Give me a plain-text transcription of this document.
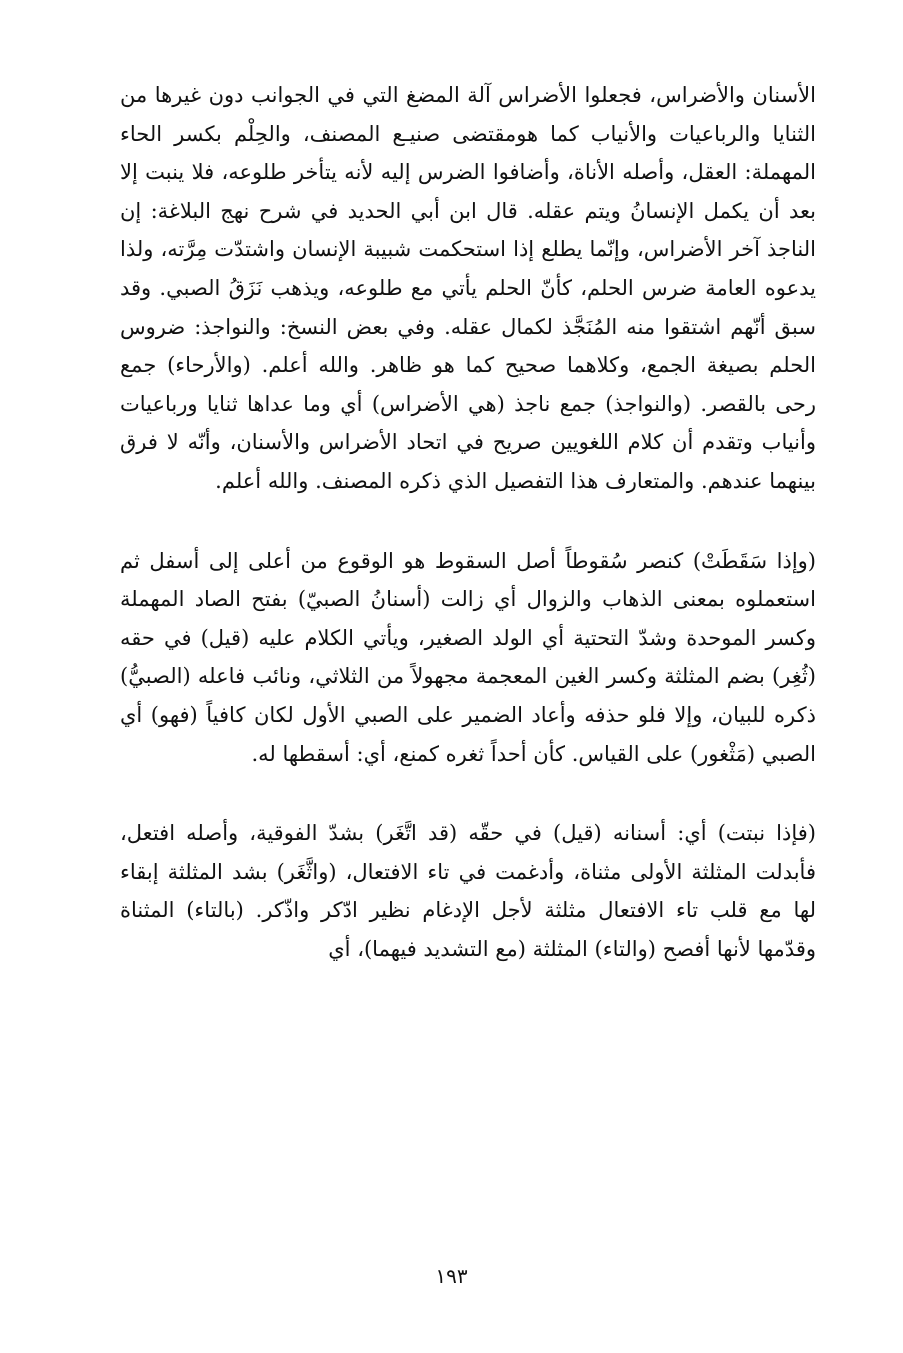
الأسنان والأضراس، فجعلوا الأضراس آلة المضغ التي في الجوانب دون غيرها من الثنايا والرباعيات والأنياب كما هومقتضى صنيـع المصنف، والحِلْم بكسر الحاء المهملة: العقل، وأصله الأناة، وأضافوا الضرس إليه لأنه يتأخر طلوعه، فلا ينبت إلا بعد أن يكمل الإنسانُ ويتم عقله. قال ابن أبي الحديد في شرح نهج البلاغة: إن الناجذ آخر الأضراس، وإنّما يطلع إذا استحكمت شبيبة الإنسان واشتدّت مِرَّته، ولذا يدعوه العامة ضرس الحلم، كأنّ الحلم يأتي مع طلوعه، ويذهب نَزَقُ الصبي. وقد سبق أنّهم اشتقوا منه المُنَجَّذ لكمال عقله. وفي بعض النسخ: والنواجذ: ضروس الحلم بصيغة الجمع، وكلاهما صحيح كما هو ظاهر. والله أعلم. (والأرحاء) جمع رحى بالقصر. (والنواجذ) جمع ناجذ (هي الأضراس) أي وما عداها ثنايا ورباعيات وأنياب وتقدم أن كلام اللغويين صريح في اتحاد الأضراس والأسنان، وأنّه لا فرق بينهما عندهم. والمتعارف هذا التفصيل الذي ذكره المصنف. والله أعلم.

(وإذا سَقَطَتْ) كنصر سُقوطاً أصل السقوط هو الوقوع من أعلى إلى أسفل ثم استعملوه بمعنى الذهاب والزوال أي زالت (أسنانُ الصبيّ) بفتح الصاد المهملة وكسر الموحدة وشدّ التحتية أي الولد الصغير، ويأتي الكلام عليه (قيل) في حقه (ثُغِر) بضم المثلثة وكسر الغين المعجمة مجهولاً من الثلاثي، ونائب فاعله (الصبيُّ) ذكره للبيان، وإلا فلو حذفه وأعاد الضمير على الصبي الأول لكان كافياً (فهو) أي الصبي (مَثْغور) على القياس. كأن أحداً ثغره كمنع، أي: أسقطها له.

(فإذا نبتت) أي: أسنانه (قيل) في حقّه (قد اتَّغَر) بشدّ الفوقية، وأصله افتعل، فأبدلت المثلثة الأولى مثناة، وأدغمت في تاء الافتعال، (واثَّغَر) بشد المثلثة إبقاء لها مع قلب تاء الافتعال مثلثة لأجل الإدغام نظير ادّكر واذّكر. (بالتاء) المثناة وقدّمها لأنها أفصح (والتاء) المثلثة (مع التشديد فيهما)، أي

١٩٣
